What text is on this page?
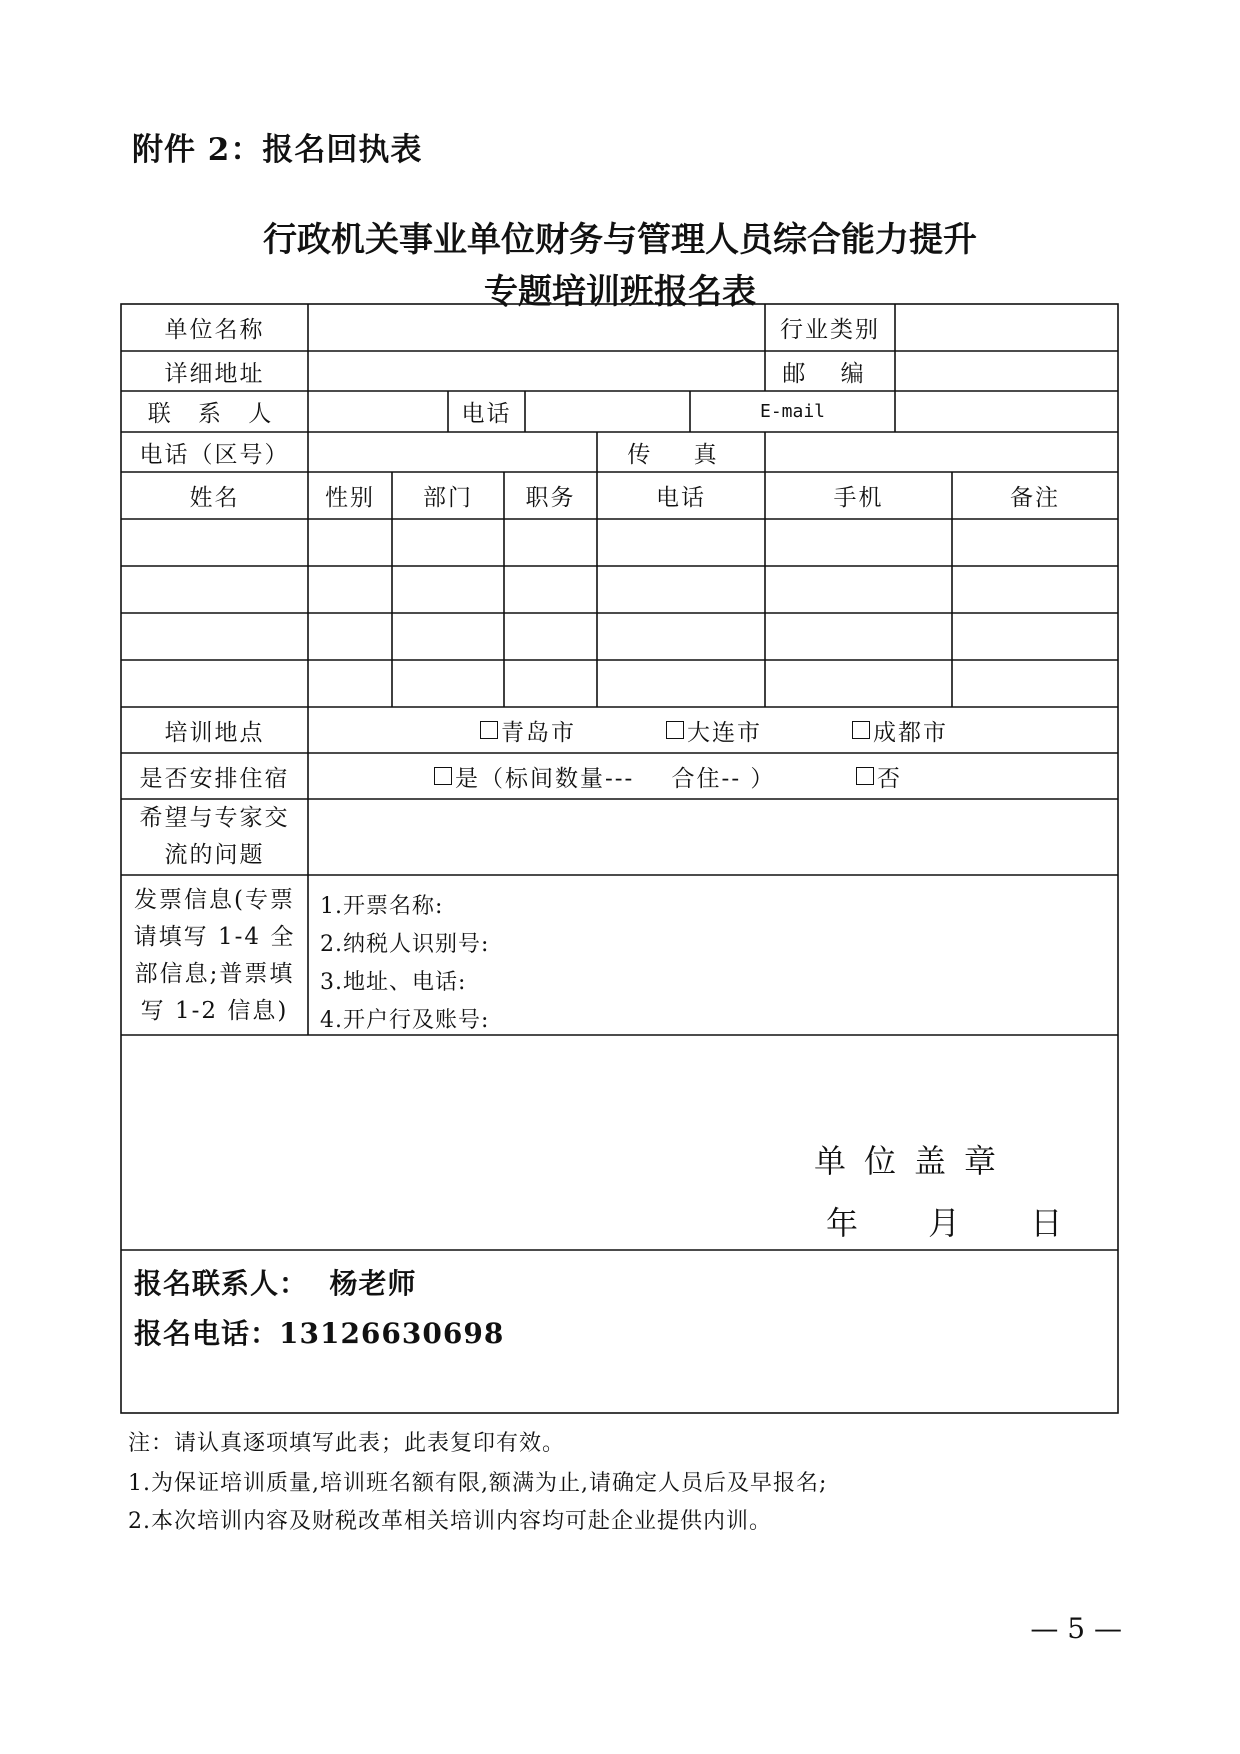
附件 2：报名回执表
行政机关事业单位财务与管理人员综合能力提升
专题培训班报名表
单位名称	行业类别
详细地址	邮 编
联 系 人	电话	E-mail
电话（区号）	传 真
姓名	性别	部门	职务	电话	手机	备注
培训地点	青岛市	大连市	成都市
是否安排住宿	是（标间数量---    合住-- ）	否
希望与专家交流的问题
发票信息(专票请填写 1-4 全部信息;普票填写 1-2 信息)
1.开票名称:
2.纳税人识别号:
3.地址、电话:
4.开户行及账号:
单位盖章
年 月 日
报名联系人：  杨老师
报名电话：13126630698
注：请认真逐项填写此表；此表复印有效。
1.为保证培训质量,培训班名额有限,额满为止,请确定人员后及早报名;
2.本次培训内容及财税改革相关培训内容均可赴企业提供内训。
— 5 —
